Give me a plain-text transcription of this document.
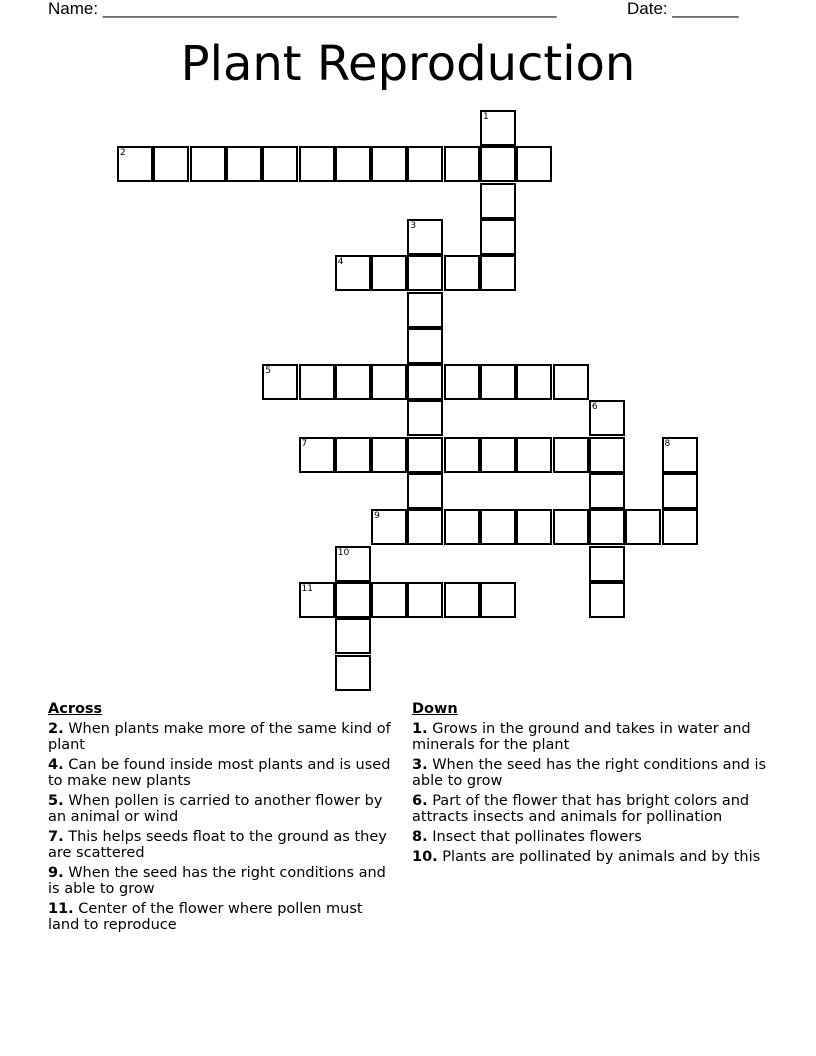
Name: ________________________________________________	Date: _______
Plant Reproduction
1
2
3
4
5
6
7	8
9
10
11
Across
2. When plants make more of the same kind of plant
4. Can be found inside most plants and is used to make new plants
5. When pollen is carried to another flower by an animal or wind
7. This helps seeds float to the ground as they are scattered
9. When the seed has the right conditions and is able to grow
11. Center of the flower where pollen must land to reproduce
Down
1. Grows in the ground and takes in water and minerals for the plant
3. When the seed has the right conditions and is able to grow
6. Part of the flower that has bright colors and attracts insects and animals for pollination
8. Insect that pollinates flowers
10. Plants are pollinated by animals and by this
